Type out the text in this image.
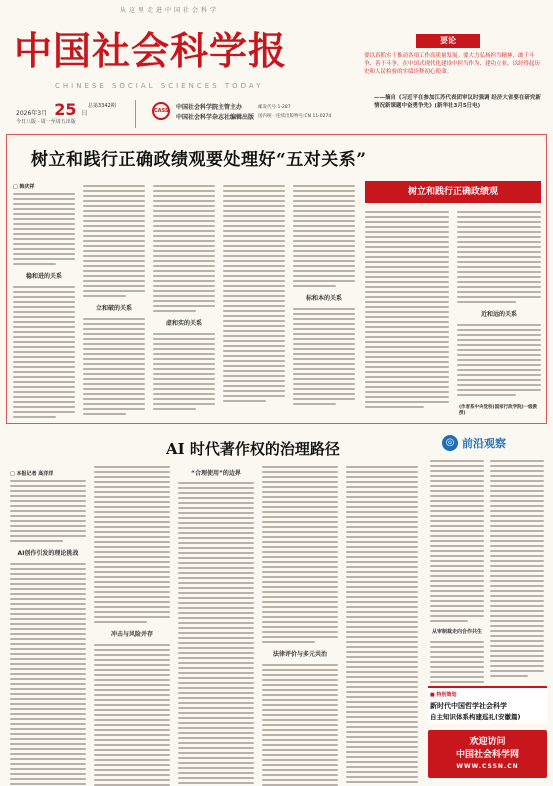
从这里走进中国社会科学
中国社会科学报
CHINESE SOCIAL SCIENCES TODAY
2026年3月 25 日
总第3342期
今日八版 · 周一至周五出版
CASS 中国社会科学院主管主办
中国社会科学杂志社编辑出版
邮发代号:1-287
国内统一连续出版物号:CN 11-0274
要论
要以真抓实干推动各项工作高质量发展。要大力弘扬担当精神，敢于斗争、善于斗争，在中国式现代化建设中担当作为、建功立业，以经得起历史和人民检验的实绩诠释初心使命。
——摘自《习近平在参加江苏代表团审议时强调 经济大省要在研究新情况新课题中奋勇争先》(新华社3月5日电)
树立和践行正确政绩观要处理好“五对关系”
□ 韩庆祥
稳和进的关系
立和破的关系
虚和实的关系
标和本的关系
树立和践行正确政绩观
近和远的关系
(作者系中央党校(国家行政学院)一级教授)
AI 时代著作权的治理路径
□ 本报记者 高洋洋
AI创作引发的理论挑战
冲击与风险并存
“合理使用”的边界
法律评价与多元共治
◎ 前沿观察
从审制裁走向合作共生
■ 特别策划
新时代中国哲学社会科学
自主知识体系构建巡礼(安徽篇)
欢迎访问
中国社会科学网
WWW.CSSN.CN
